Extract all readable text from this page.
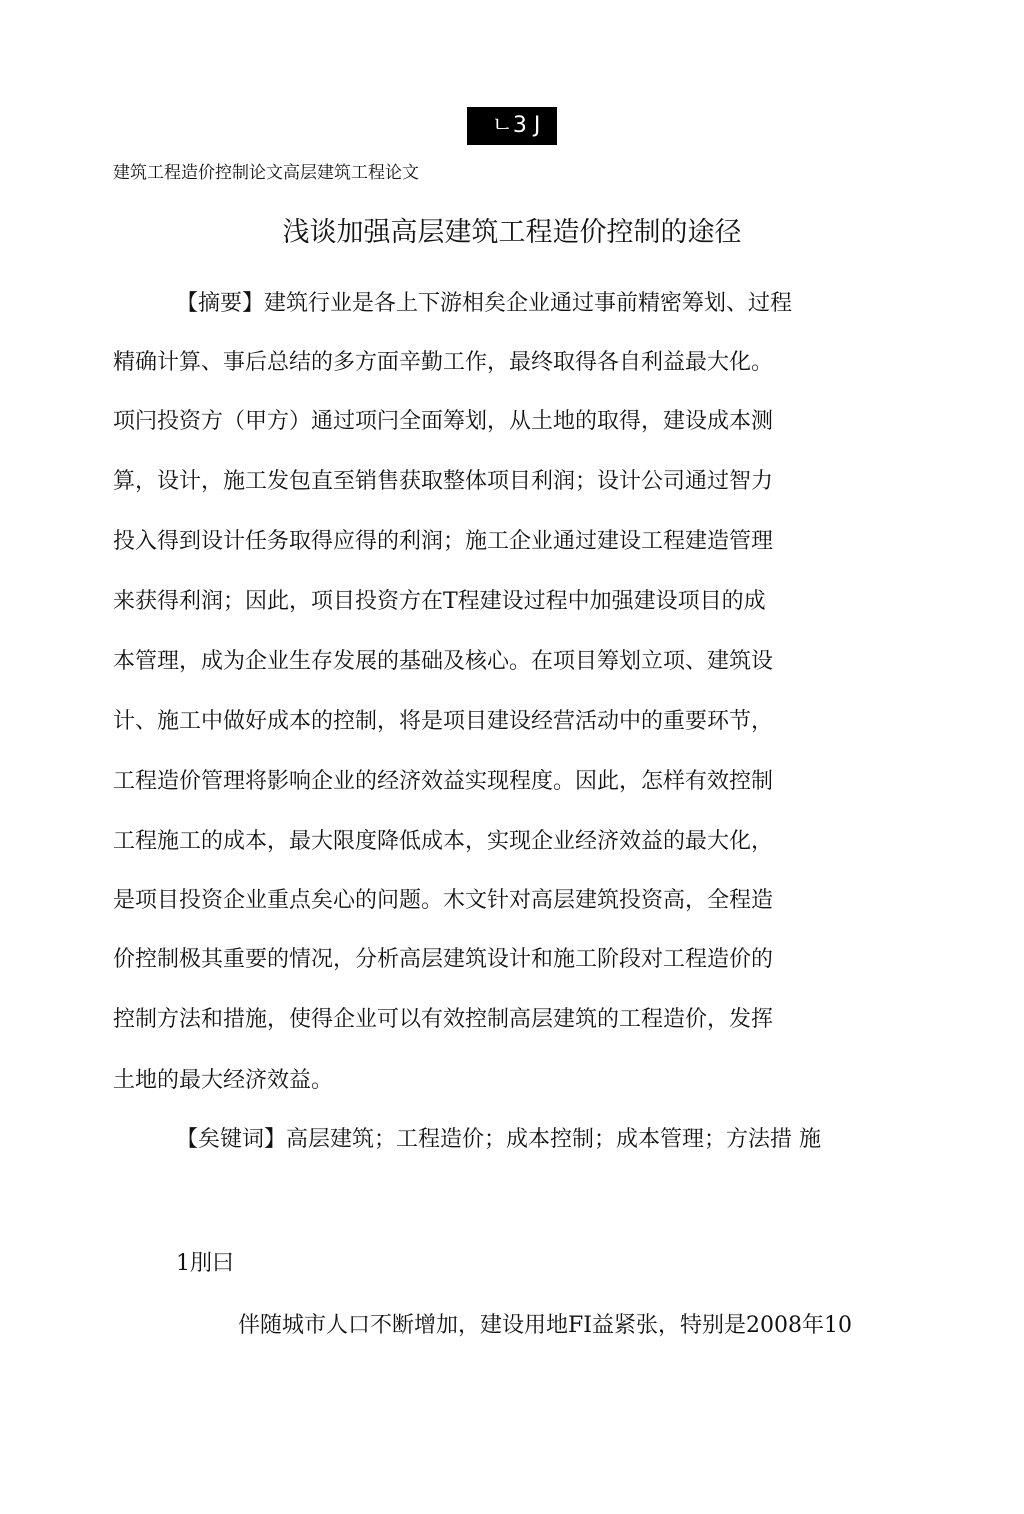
ㄴ3 J
建筑工程造价控制论文高层建筑工程论文
浅谈加强高层建筑工程造价控制的途径
【摘要】建筑行业是各上下游相矣企业通过事前精密筹划、过程
精确计算、事后总结的多方面辛勤工作，最终取得各自利益最大化。
项闩投资方（甲方）通过项闩全面筹划，从土地的取得，建设成本测
算，设计，施工发包直至销售获取整体项目利润；设计公司通过智力
投入得到设计任务取得应得的利润；施工企业通过建设工程建造管理
来获得利润；因此，项目投资方在T程建设过程中加强建设项目的成
本管理，成为企业生存发展的基础及核心。在项目筹划立项、建筑设
计、施工中做好成本的控制，将是项目建设经营活动中的重要环节，
工程造价管理将影响企业的经济效益实现程度。因此，怎样有效控制
工程施工的成本，最大限度降低成本，实现企业经济效益的最大化，
是项目投资企业重点矣心的问题。木文针对高层建筑投资高，全程造
价控制极其重要的情况，分析高层建筑设计和施工阶段对工程造价的
控制方法和措施，使得企业可以有效控制高层建筑的工程造价，发挥
土地的最大经济效益。
【矣键词】高层建筑；工程造价；成本控制；成本管理；方法措 施
1刖曰
伴随城市人口不断增加，建设用地FI益紧张，特别是2008年10
